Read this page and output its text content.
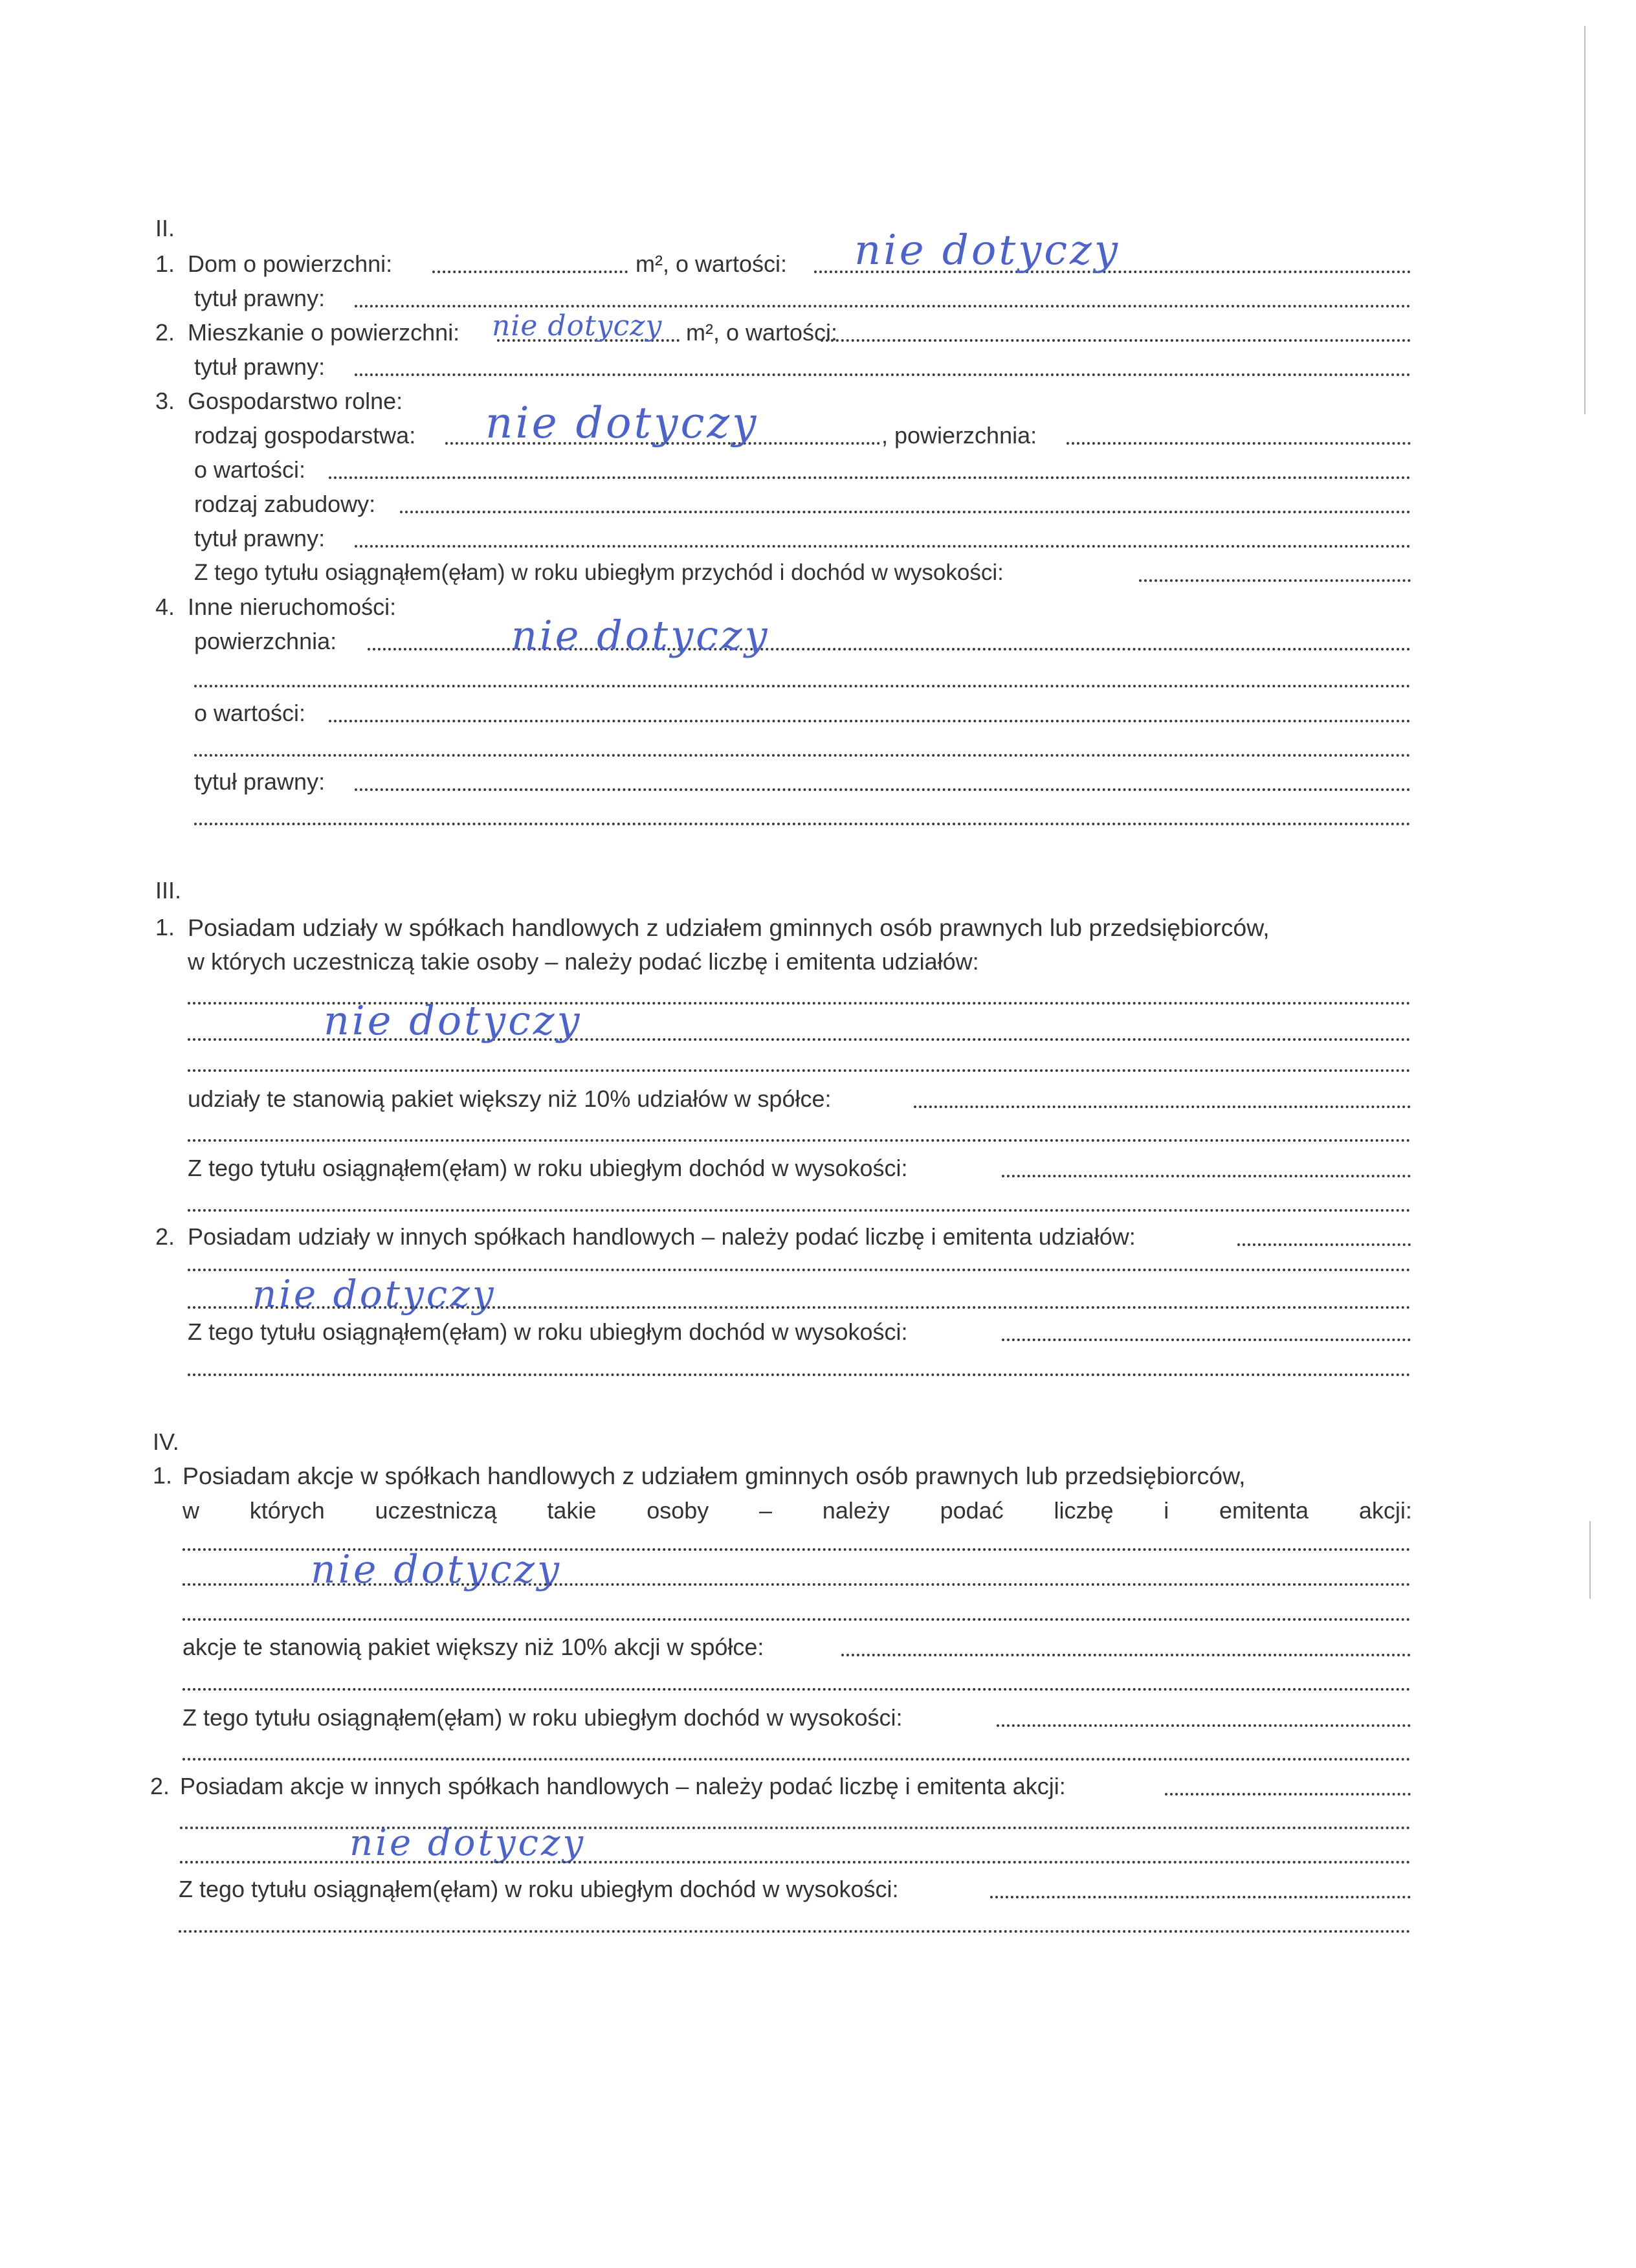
II.
1. Dom o powierzchni:	m², o wartości: nie dotyczy
tytuł prawny:
2. Mieszkanie o powierzchni: nie dotyczy m², o wartości:
tytuł prawny:
3. Gospodarstwo rolne:
rodzaj gospodarstwa: nie dotyczy	, powierzchnia:
o wartości:
rodzaj zabudowy:
tytuł prawny:
Z tego tytułu osiągnąłem(ęłam) w roku ubiegłym przychód i dochód w wysokości:
4. Inne nieruchomości:
powierzchnia:	nie dotyczy
o wartości:
tytuł prawny:
III.
1. Posiadam udziały w spółkach handlowych z udziałem gminnych osób prawnych lub przedsiębiorców,
w których uczestniczą takie osoby – należy podać liczbę i emitenta udziałów:
nie dotyczy
udziały te stanowią pakiet większy niż 10% udziałów w spółce:
Z tego tytułu osiągnąłem(ęłam) w roku ubiegłym dochód w wysokości:
2. Posiadam udziały w innych spółkach handlowych – należy podać liczbę i emitenta udziałów:
nie dotyczy
Z tego tytułu osiągnąłem(ęłam) w roku ubiegłym dochód w wysokości:
IV.
1. Posiadam akcje w spółkach handlowych z udziałem gminnych osób prawnych lub przedsiębiorców,
w których uczestniczą takie osoby – należy podać liczbę i emitenta akcji:
nie dotyczy
akcje te stanowią pakiet większy niż 10% akcji w spółce:
Z tego tytułu osiągnąłem(ęłam) w roku ubiegłym dochód w wysokości:
2. Posiadam akcje w innych spółkach handlowych – należy podać liczbę i emitenta akcji:
nie dotyczy
Z tego tytułu osiągnąłem(ęłam) w roku ubiegłym dochód w wysokości:
